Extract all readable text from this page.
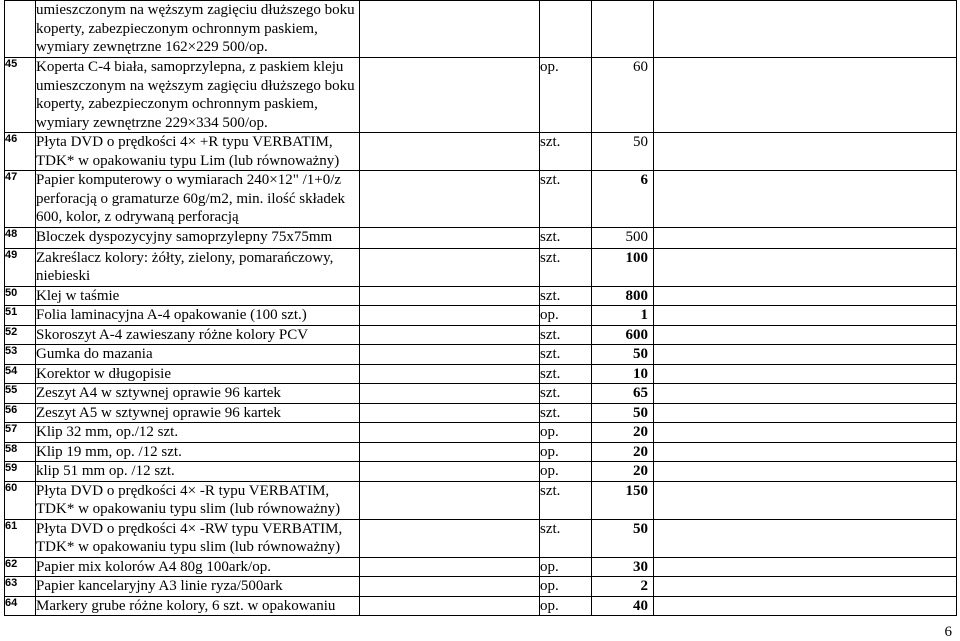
	umieszczonym na węższym zagięciu dłuższego boku koperty, zabezpieczonym ochronnym paskiem, wymiary zewnętrzne 162×229 500/op.				
45	Koperta C-4 biała, samoprzylepna, z paskiem kleju umieszczonym na węższym zagięciu dłuższego boku koperty, zabezpieczonym ochronnym paskiem, wymiary zewnętrzne 229×334 500/op.		op.	60	
46	Płyta DVD o prędkości 4× +R typu VERBATIM, TDK* w opakowaniu typu Lim (lub równoważny)		szt.	50	
47	Papier komputerowy o wymiarach 240×12" /1+0/z perforacją o gramaturze 60g/m2, min. ilość składek 600, kolor, z odrywaną perforacją		szt.	6	
48	Bloczek dyspozycyjny samoprzylepny 75x75mm		szt.	500	
49	Zakreślacz kolory: żółty, zielony, pomarańczowy, niebieski		szt.	100	
50	Klej w taśmie		szt.	800	
51	Folia laminacyjna A-4 opakowanie (100 szt.)		op.	1	
52	Skoroszyt A-4 zawieszany różne kolory PCV		szt.	600	
53	Gumka do mazania		szt.	50	
54	Korektor w długopisie		szt.	10	
55	Zeszyt A4 w sztywnej oprawie 96 kartek		szt.	65	
56	Zeszyt A5 w sztywnej oprawie 96 kartek		szt.	50	
57	Klip 32 mm, op./12 szt.		op.	20	
58	Klip 19 mm, op. /12 szt.		op.	20	
59	klip 51 mm op. /12 szt.		op.	20	
60	Płyta DVD o prędkości 4× -R typu VERBATIM, TDK* w opakowaniu typu slim (lub równoważny)		szt.	150	
61	Płyta DVD o prędkości 4× -RW typu VERBATIM, TDK* w opakowaniu typu slim (lub równoważny)		szt.	50	
62	Papier mix kolorów A4 80g 100ark/op.		op.	30	
63	Papier kancelaryjny A3 linie ryza/500ark		op.	2	
64	Markery grube różne kolory, 6 szt. w opakowaniu		op.	40	
6
